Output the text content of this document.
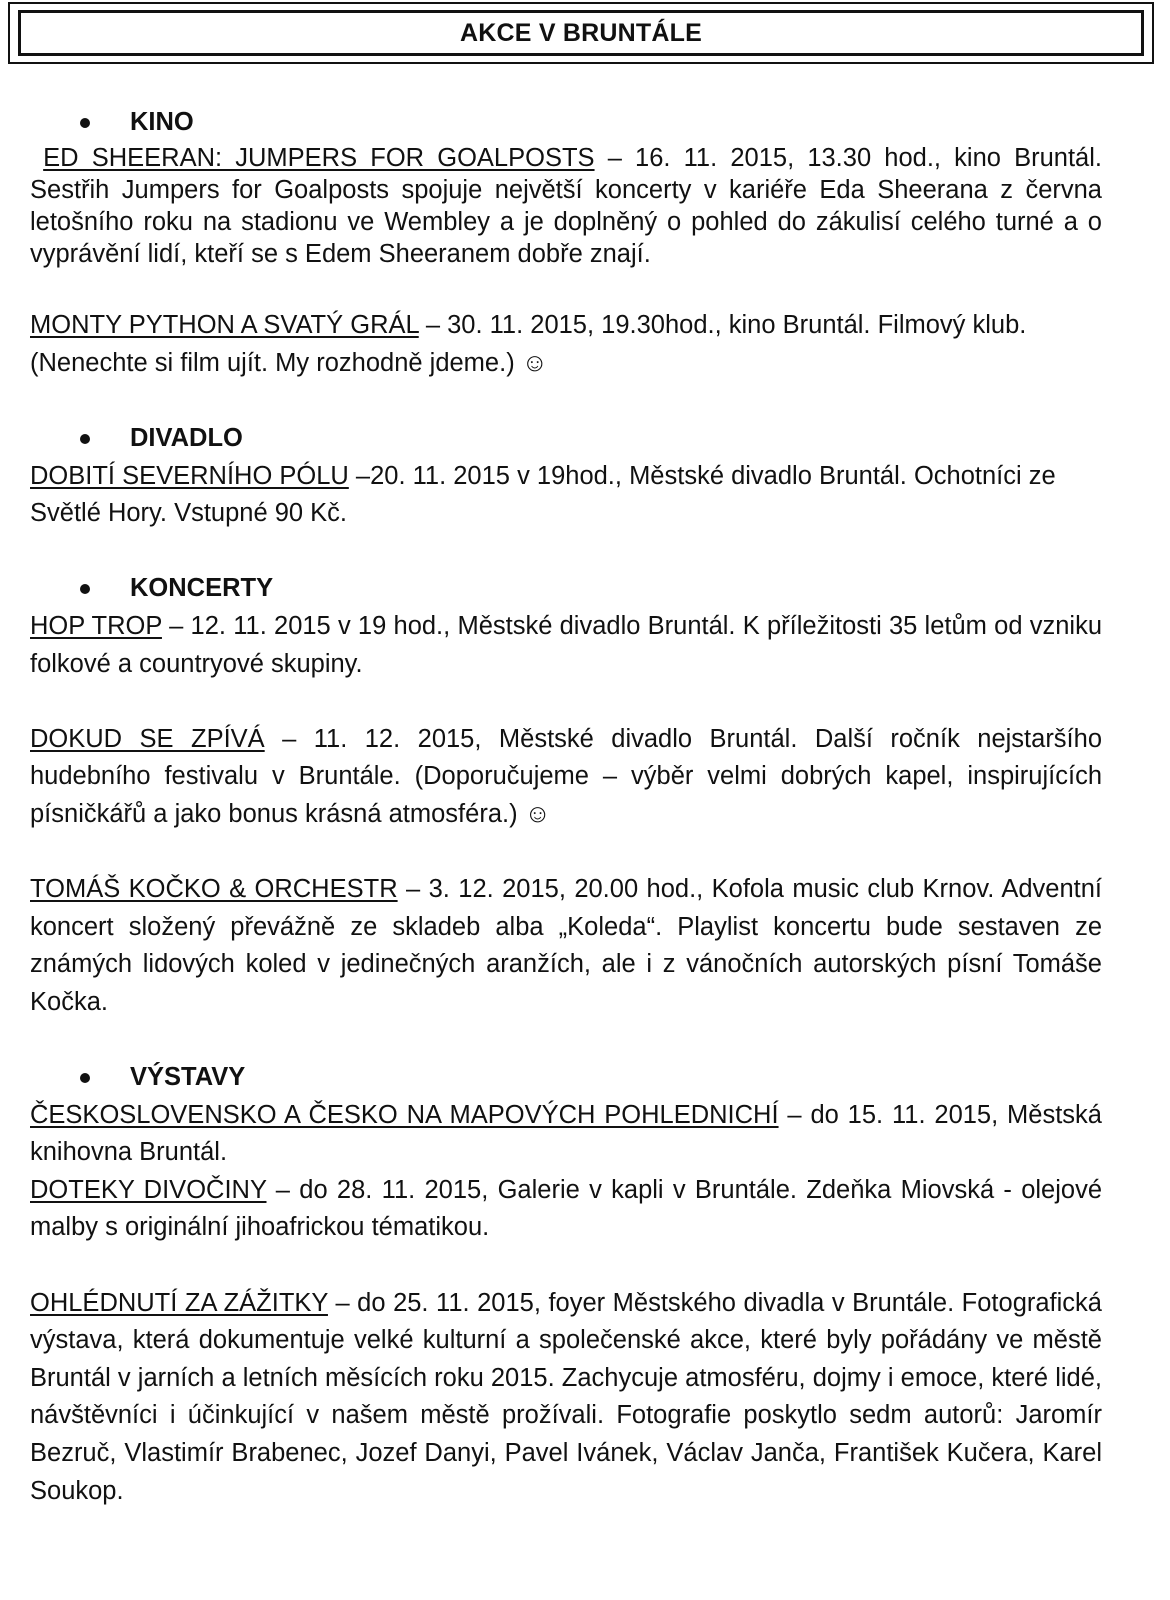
AKCE V BRUNTÁLE
KINO

ED SHEERAN: JUMPERS FOR GOALPOSTS – 16. 11. 2015, 13.30 hod., kino Bruntál. Sestřih Jumpers for Goalposts spojuje největší koncerty v kariéře Eda Sheerana z června letošního roku na stadionu ve Wembley a je doplněný o pohled do zákulisí celého turné a o vyprávění lidí, kteří se s Edem Sheeranem dobře znají.

MONTY PYTHON A SVATÝ GRÁL – 30. 11. 2015, 19.30hod., kino Bruntál. Filmový klub. (Nenechte si film ujít. My rozhodně jdeme.) ☺

DIVADLO

DOBITÍ SEVERNÍHO PÓLU –20. 11. 2015 v 19hod., Městské divadlo Bruntál. Ochotníci ze Světlé Hory. Vstupné 90 Kč.

KONCERTY

HOP TROP – 12. 11. 2015 v 19 hod., Městské divadlo Bruntál. K příležitosti 35 letům od vzniku folkové a countryové skupiny.

DOKUD SE ZPÍVÁ – 11. 12. 2015, Městské divadlo Bruntál. Další ročník nejstaršího hudebního festivalu v Bruntále. (Doporučujeme – výběr velmi dobrých kapel, inspirujících písničkářů a jako bonus krásná atmosféra.) ☺

TOMÁŠ KOČKO & ORCHESTR – 3. 12. 2015, 20.00 hod., Kofola music club Krnov. Adventní koncert složený převážně ze skladeb alba „Koleda“. Playlist koncertu bude sestaven ze známých lidových koled v jedinečných aranžích, ale i z vánočních autorských písní Tomáše Kočka.

VÝSTAVY

ČESKOSLOVENSKO A ČESKO NA MAPOVÝCH POHLEDNICHÍ – do 15. 11. 2015, Městská knihovna Bruntál.

DOTEKY DIVOČINY – do 28. 11. 2015, Galerie v kapli v Bruntále. Zdeňka Miovská - olejové malby s originální jihoafrickou tématikou.

OHLÉDNUTÍ ZA ZÁŽITKY – do 25. 11. 2015, foyer Městského divadla v Bruntále. Fotografická výstava, která dokumentuje velké kulturní a společenské akce, které byly pořádány ve městě Bruntál v jarních a letních měsících roku 2015. Zachycuje atmosféru, dojmy i emoce, které lidé, návštěvníci i účinkující v našem městě prožívali. Fotografie poskytlo sedm autorů: Jaromír Bezruč, Vlastimír Brabenec, Jozef Danyi, Pavel Ivánek, Václav Janča, František Kučera, Karel Soukop.
